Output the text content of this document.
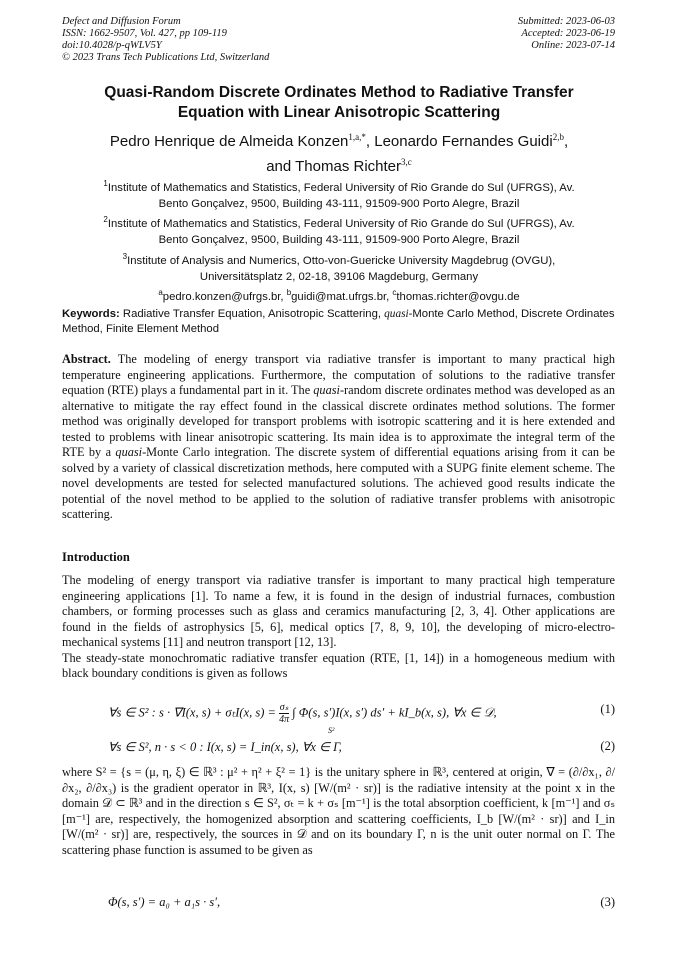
Defect and Diffusion Forum
ISSN: 1662-9507, Vol. 427, pp 109-119
doi:10.4028/p-qWLV5Y
© 2023 Trans Tech Publications Ltd, Switzerland
Submitted: 2023-06-03
Accepted: 2023-06-19
Online: 2023-07-14
Quasi-Random Discrete Ordinates Method to Radiative Transfer
Equation with Linear Anisotropic Scattering
Pedro Henrique de Almeida Konzen$^{1,a,*}$, Leonardo Fernandes Guidi$^{2,b}$,
and Thomas Richter$^{3,c}$
$^1$Institute of Mathematics and Statistics, Federal University of Rio Grande do Sul (UFRGS), Av.
Bento Gonçalvez, 9500, Building 43-111, 91509-900 Porto Alegre, Brazil
$^2$Institute of Mathematics and Statistics, Federal University of Rio Grande do Sul (UFRGS), Av.
Bento Gonçalvez, 9500, Building 43-111, 91509-900 Porto Alegre, Brazil
$^3$Institute of Analysis and Numerics, Otto-von-Guericke University Magdebrug (OVGU),
Universitätsplatz 2, 02-18, 39106 Magdeburg, Germany
$^a$pedro.konzen@ufrgs.br, $^b$guidi@mat.ufrgs.br, $^c$thomas.richter@ovgu.de
Keywords: Radiative Transfer Equation, Anisotropic Scattering, quasi-Monte Carlo Method, Discrete Ordinates Method, Finite Element Method
Abstract. The modeling of energy transport via radiative transfer is important to many practical high temperature engineering applications. Furthermore, the computation of solutions to the radiative transfer equation (RTE) plays a fundamental part in it. The quasi-random discrete ordinates method was developed as an alternative to mitigate the ray effect found in the classical discrete ordinates method solutions. The former method was originally developed for transport problems with isotropic scattering and it is here extended and tested to problems with linear anisotropic scattering. Its main idea is to approximate the integral term of the RTE by a quasi-Monte Carlo integration. The discrete system of differential equations arising from it can be solved by a variety of classical discretization methods, here computed with a SUPG finite element scheme. The novel developments are tested for selected manufactured solutions. The achieved good results indicate the potential of the novel method to be applied to the solution of radiative transfer problems with anisotropic scattering.
Introduction

The modeling of energy transport via radiative transfer is important to many practical high temperature engineering applications [1]. To name a few, it is found in the design of industrial furnaces, combustion chambers, or forming processes such as glass and ceramics manufacturing [2, 3, 4]. Other applications are found in the fields of astrophysics [5, 6], medical optics [7, 8, 9, 10], the developing of micro-electro-mechanical systems [11] and neutron transport [12, 13].

The steady-state monochromatic radiative transfer equation (RTE, [1, 14]) in a homogeneous medium with black boundary conditions is given as follows

∀s ∈ S² : s · ∇I(x, s) + σₜI(x, $s) = \frac{\text{σₛ}}{4\pi}$ ∫ Φ(s, s′)I(x, s′) ds′ + kI_b(x, s), ∀x ∈ 𝒟,
S²
(1)
∀s ∈ S², n · s < 0 : I(x, s) = I_in(x, s), ∀x ∈ Γ,	(2)
where S² = {s = (μ, η, ξ) ∈ ℝ³ : μ² + η² + ξ² = 1} is the unitary sphere in ℝ³, centered at origin, ∇ = (∂/∂x₁, ∂/∂x₂, ∂/∂x₃) is the gradient operator in ℝ³, I(x, s) [W/(m² · sr)] is the radiative intensity at the point x in the domain 𝒟 ⊂ ℝ³ and in the direction s ∈ S², σₜ = k + σₛ [m⁻¹] is the total absorption coefficient, k [m⁻¹] and σₛ [m⁻¹] are, respectively, the homogenized absorption and scattering coefficients, I_b [W/(m² · sr)] and I_in [W/(m² · sr)] are, respectively, the sources in 𝒟 and on its boundary Γ, n is the unit outer normal on Γ. The scattering phase function is assumed to be given as
Φ(s, s′) = a₀ + a₁s · s′,	(3)
